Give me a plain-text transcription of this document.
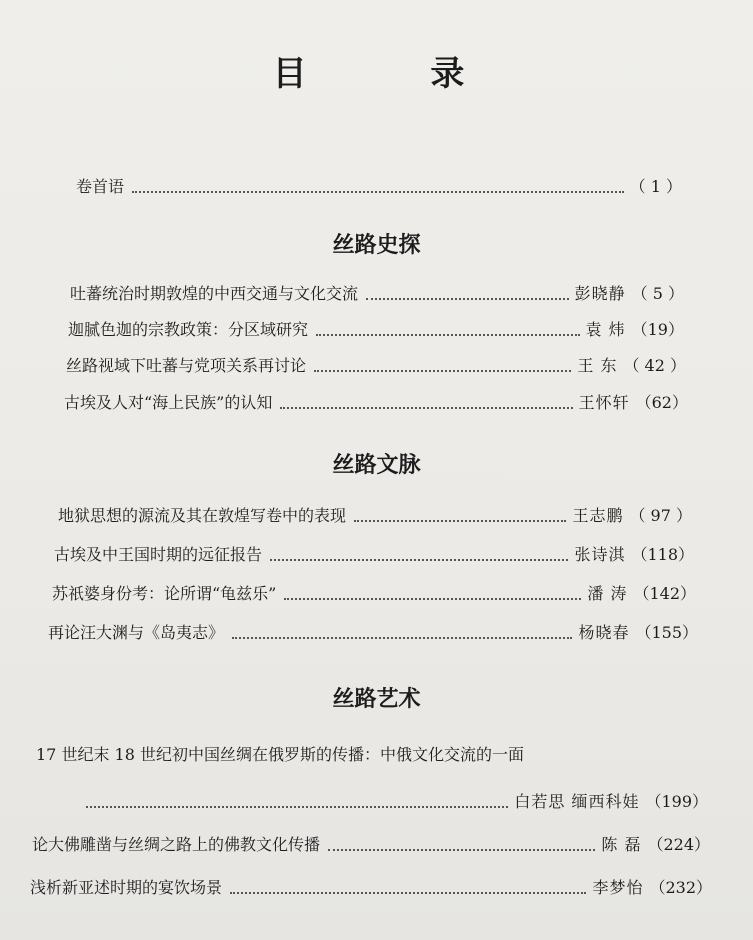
目 录
卷首语	（ 1 ）
丝路史探
吐蕃统治时期敦煌的中西交通与文化交流	彭晓静 （ 5 ）
迦腻色迦的宗教政策：分区域研究	袁 炜 （19）
丝路视域下吐蕃与党项关系再讨论	王 东 （ 42 ）
古埃及人对“海上民族”的认知	王怀轩 （62）
丝路文脉
地狱思想的源流及其在敦煌写卷中的表现	王志鹏 （ 97 ）
古埃及中王国时期的远征报告	张诗淇 （118）
苏祇婆身份考：论所谓“龟兹乐”	潘 涛 （142）
再论汪大渊与《岛夷志》	杨晓春 （155）
丝路艺术
17 世纪末 18 世纪初中国丝绸在俄罗斯的传播：中俄文化交流的一面
白若思 缅西科娃 （199）
论大佛雕凿与丝绸之路上的佛教文化传播	陈 磊 （224）
浅析新亚述时期的宴饮场景	李梦怡 （232）
